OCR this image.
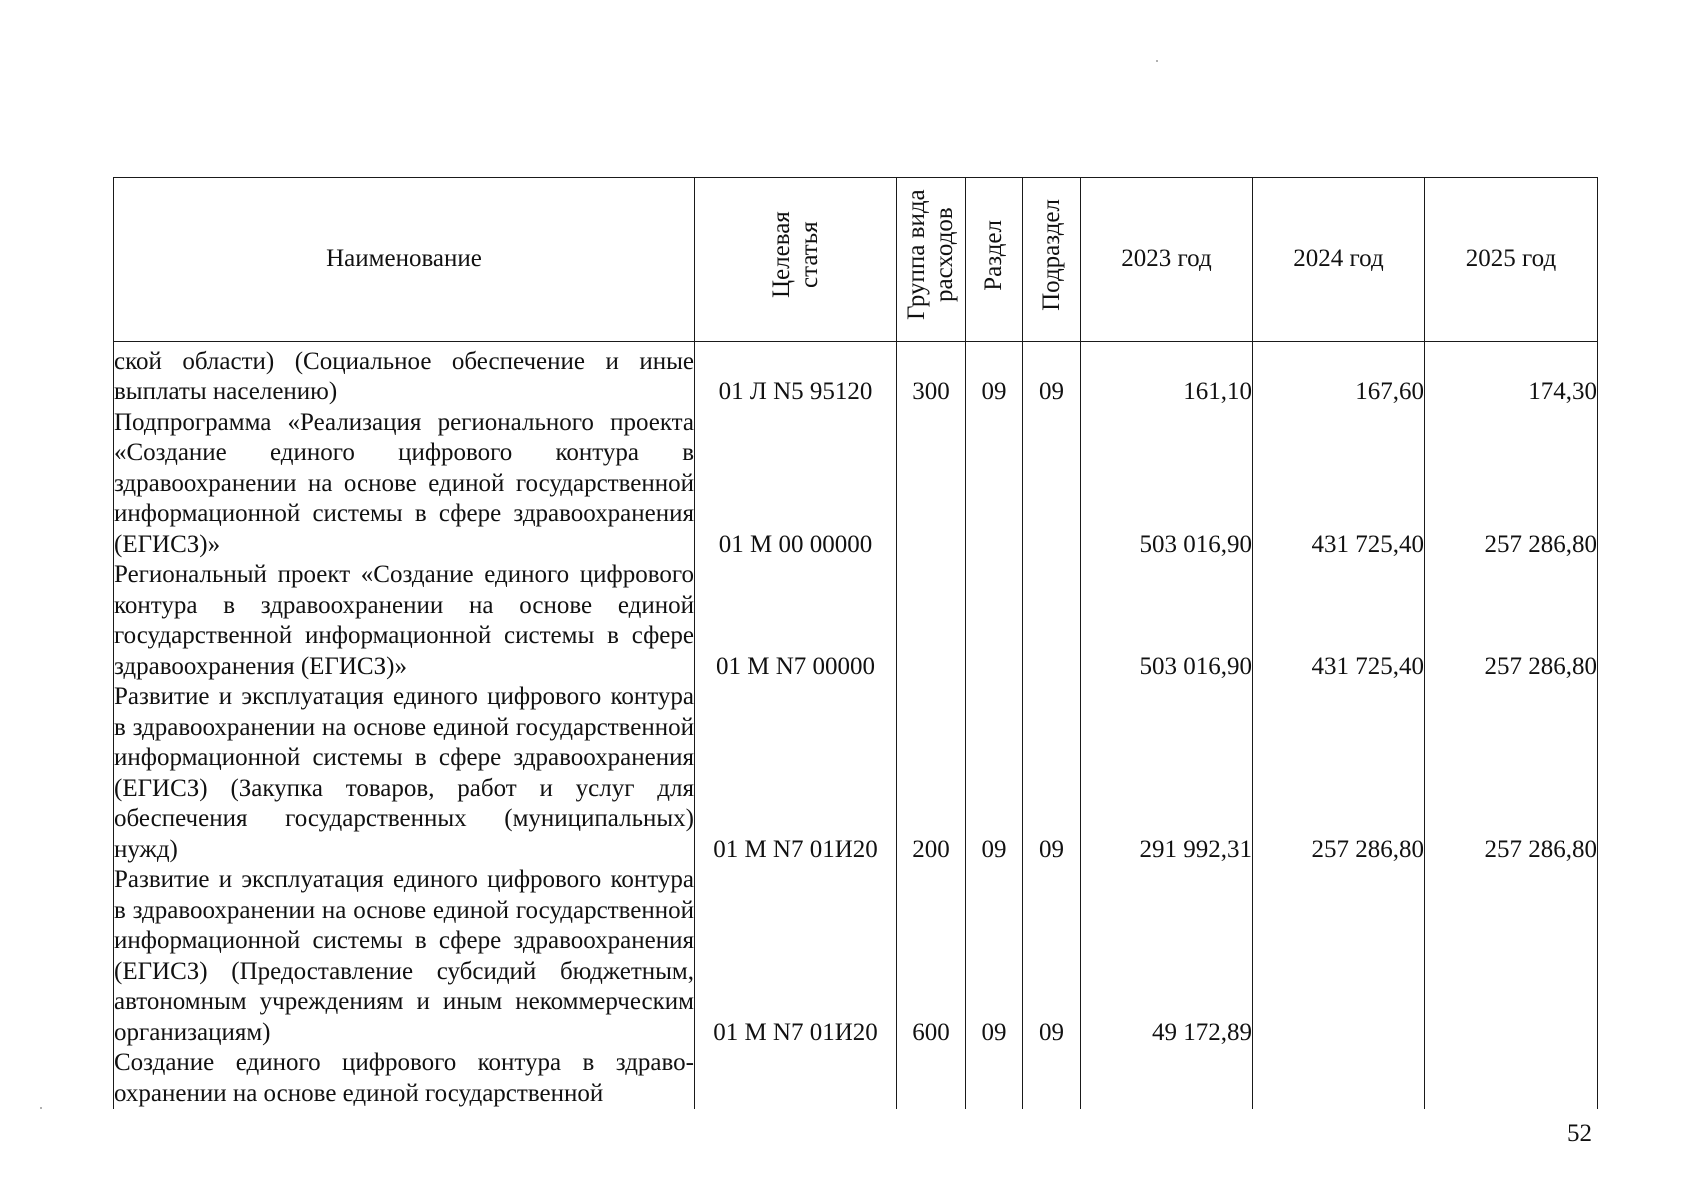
Наименование	Целевая статья	Группа вида расходов	Раздел	Подраздел	2023 год	2024 год	2025 год
ской области) (Социальное обеспечение и иные выплаты населению)	01 Л N5 95120	300	09	09	161,10	167,60	174,30
Подпрограмма «Реализация регионального проекта «Создание единого цифрового контура в здравоохранении на основе единой государственной информационной системы в сфере здравоохранения (ЕГИСЗ)»	01 М 00 00000				503 016,90	431 725,40	257 286,80
Региональный проект «Создание единого цифрового контура в здравоохранении на основе единой государственной информационной системы в сфере здравоохранения (ЕГИСЗ)»	01 М N7 00000				503 016,90	431 725,40	257 286,80
Развитие и эксплуатация единого цифрового контура в здравоохранении на основе единой государственной информационной системы в сфере здравоохранения (ЕГИСЗ) (Закупка товаров, работ и услуг для обеспечения государственных (муниципальных) нужд)	01 М N7 01И20	200	09	09	291 992,31	257 286,80	257 286,80
Развитие и эксплуатация единого цифрового контура в здравоохранении на основе единой государственной информационной системы в сфере здравоохранения (ЕГИСЗ) (Предоставление субсидий бюджетным, автономным учреждениям и иным некоммерческим организациям)	01 М N7 01И20	600	09	09	49 172,89		
Создание единого цифрового контура в здравоохранении на основе единой государственной							
52
